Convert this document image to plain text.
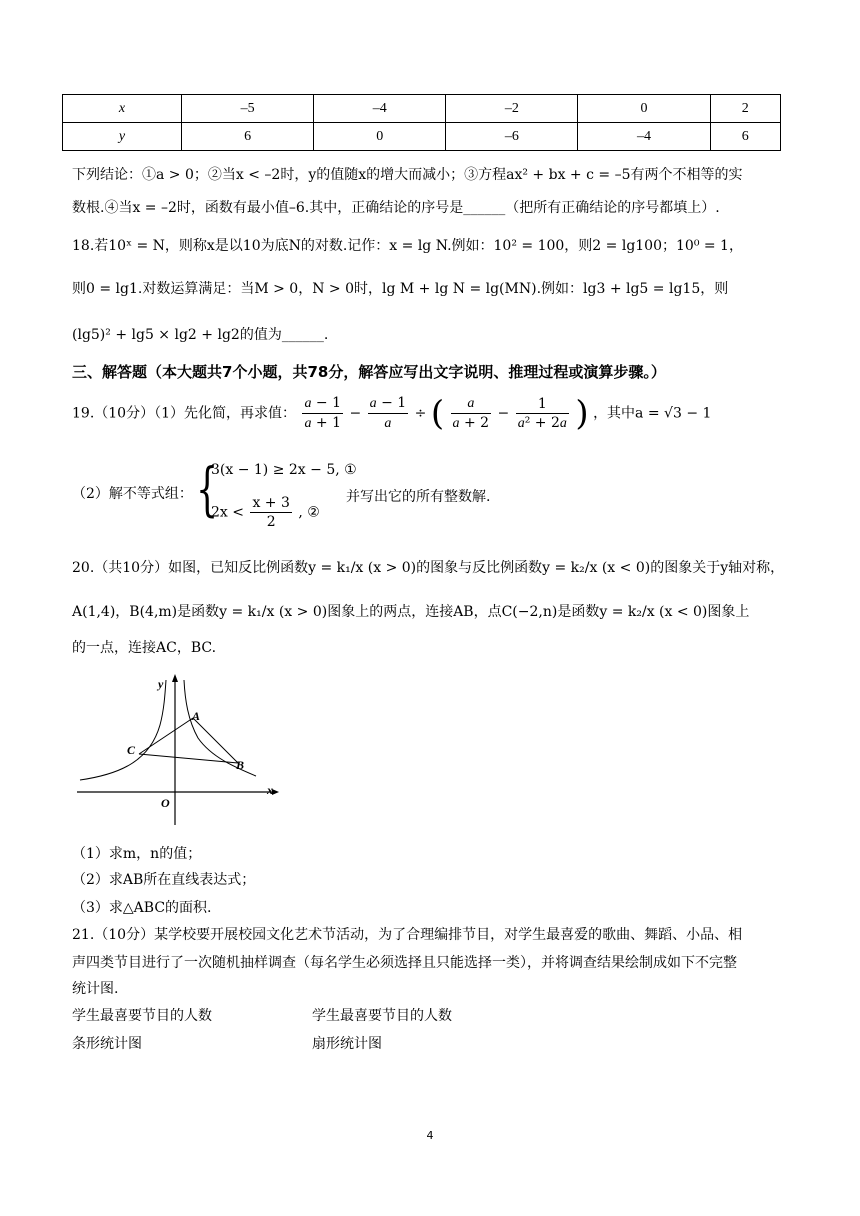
x	–5	–4	–2	0	2
y	6	0	–6	–4	6
下列结论：①a > 0；②当x < –2时，y的值随x的增大而减小；③方程ax² + bx + c = –5有两个不相等的实
数根.④当x = –2时，函数有最小值–6.其中，正确结论的序号是______（把所有正确结论的序号都填上）.
18.若10ˣ = N，则称x是以10为底N的对数.记作：x = lg N.例如：10² = 100，则2 = lg100；10⁰ = 1，
则0 = lg1.对数运算满足：当M > 0，N > 0时，lg M + lg N = lg(MN).例如：lg3 + lg5 = lg15，则
(lg5)² + lg5 × lg2 + lg2的值为______.
三、解答题（本大题共7个小题，共78分，解答应写出文字说明、推理过程或演算步骤。）
19.（10分）（1）先化简，再求值： $\frac{a - 1}{a + 1} - \frac{a - 1}{a}$ ÷ ( $\frac{a}{a + 2} - \frac{1}{\text{a² + 2a}}$ ) ，其中a = √3 − 1
（2）解不等式组： {
3(x − 1) ≥ 2x − 5, ①
$2x < \frac{x + 3}{2}$ , ②
并写出它的所有整数解.
20.（共10分）如图，已知反比例函数y = k₁/x (x > 0)的图象与反比例函数y = k₂/x (x < 0)的图象关于y轴对称，
A(1,4)，B(4,m)是函数y = k₁/x (x > 0)图象上的两点，连接AB，点C(−2,n)是函数y = k₂/x (x < 0)图象上
的一点，连接AC，BC.
y
x
O
A
B
C
（1）求m，n的值；
（2）求AB所在直线表达式；
（3）求△ABC的面积.
21.（10分）某学校要开展校园文化艺术节活动，为了合理编排节目，对学生最喜爱的歌曲、舞蹈、小品、相
声四类节目进行了一次随机抽样调查（每名学生必须选择且只能选择一类），并将调查结果绘制成如下不完整
统计图.
学生最喜要节目的人数
条形统计图
学生最喜要节目的人数
扇形统计图
4
